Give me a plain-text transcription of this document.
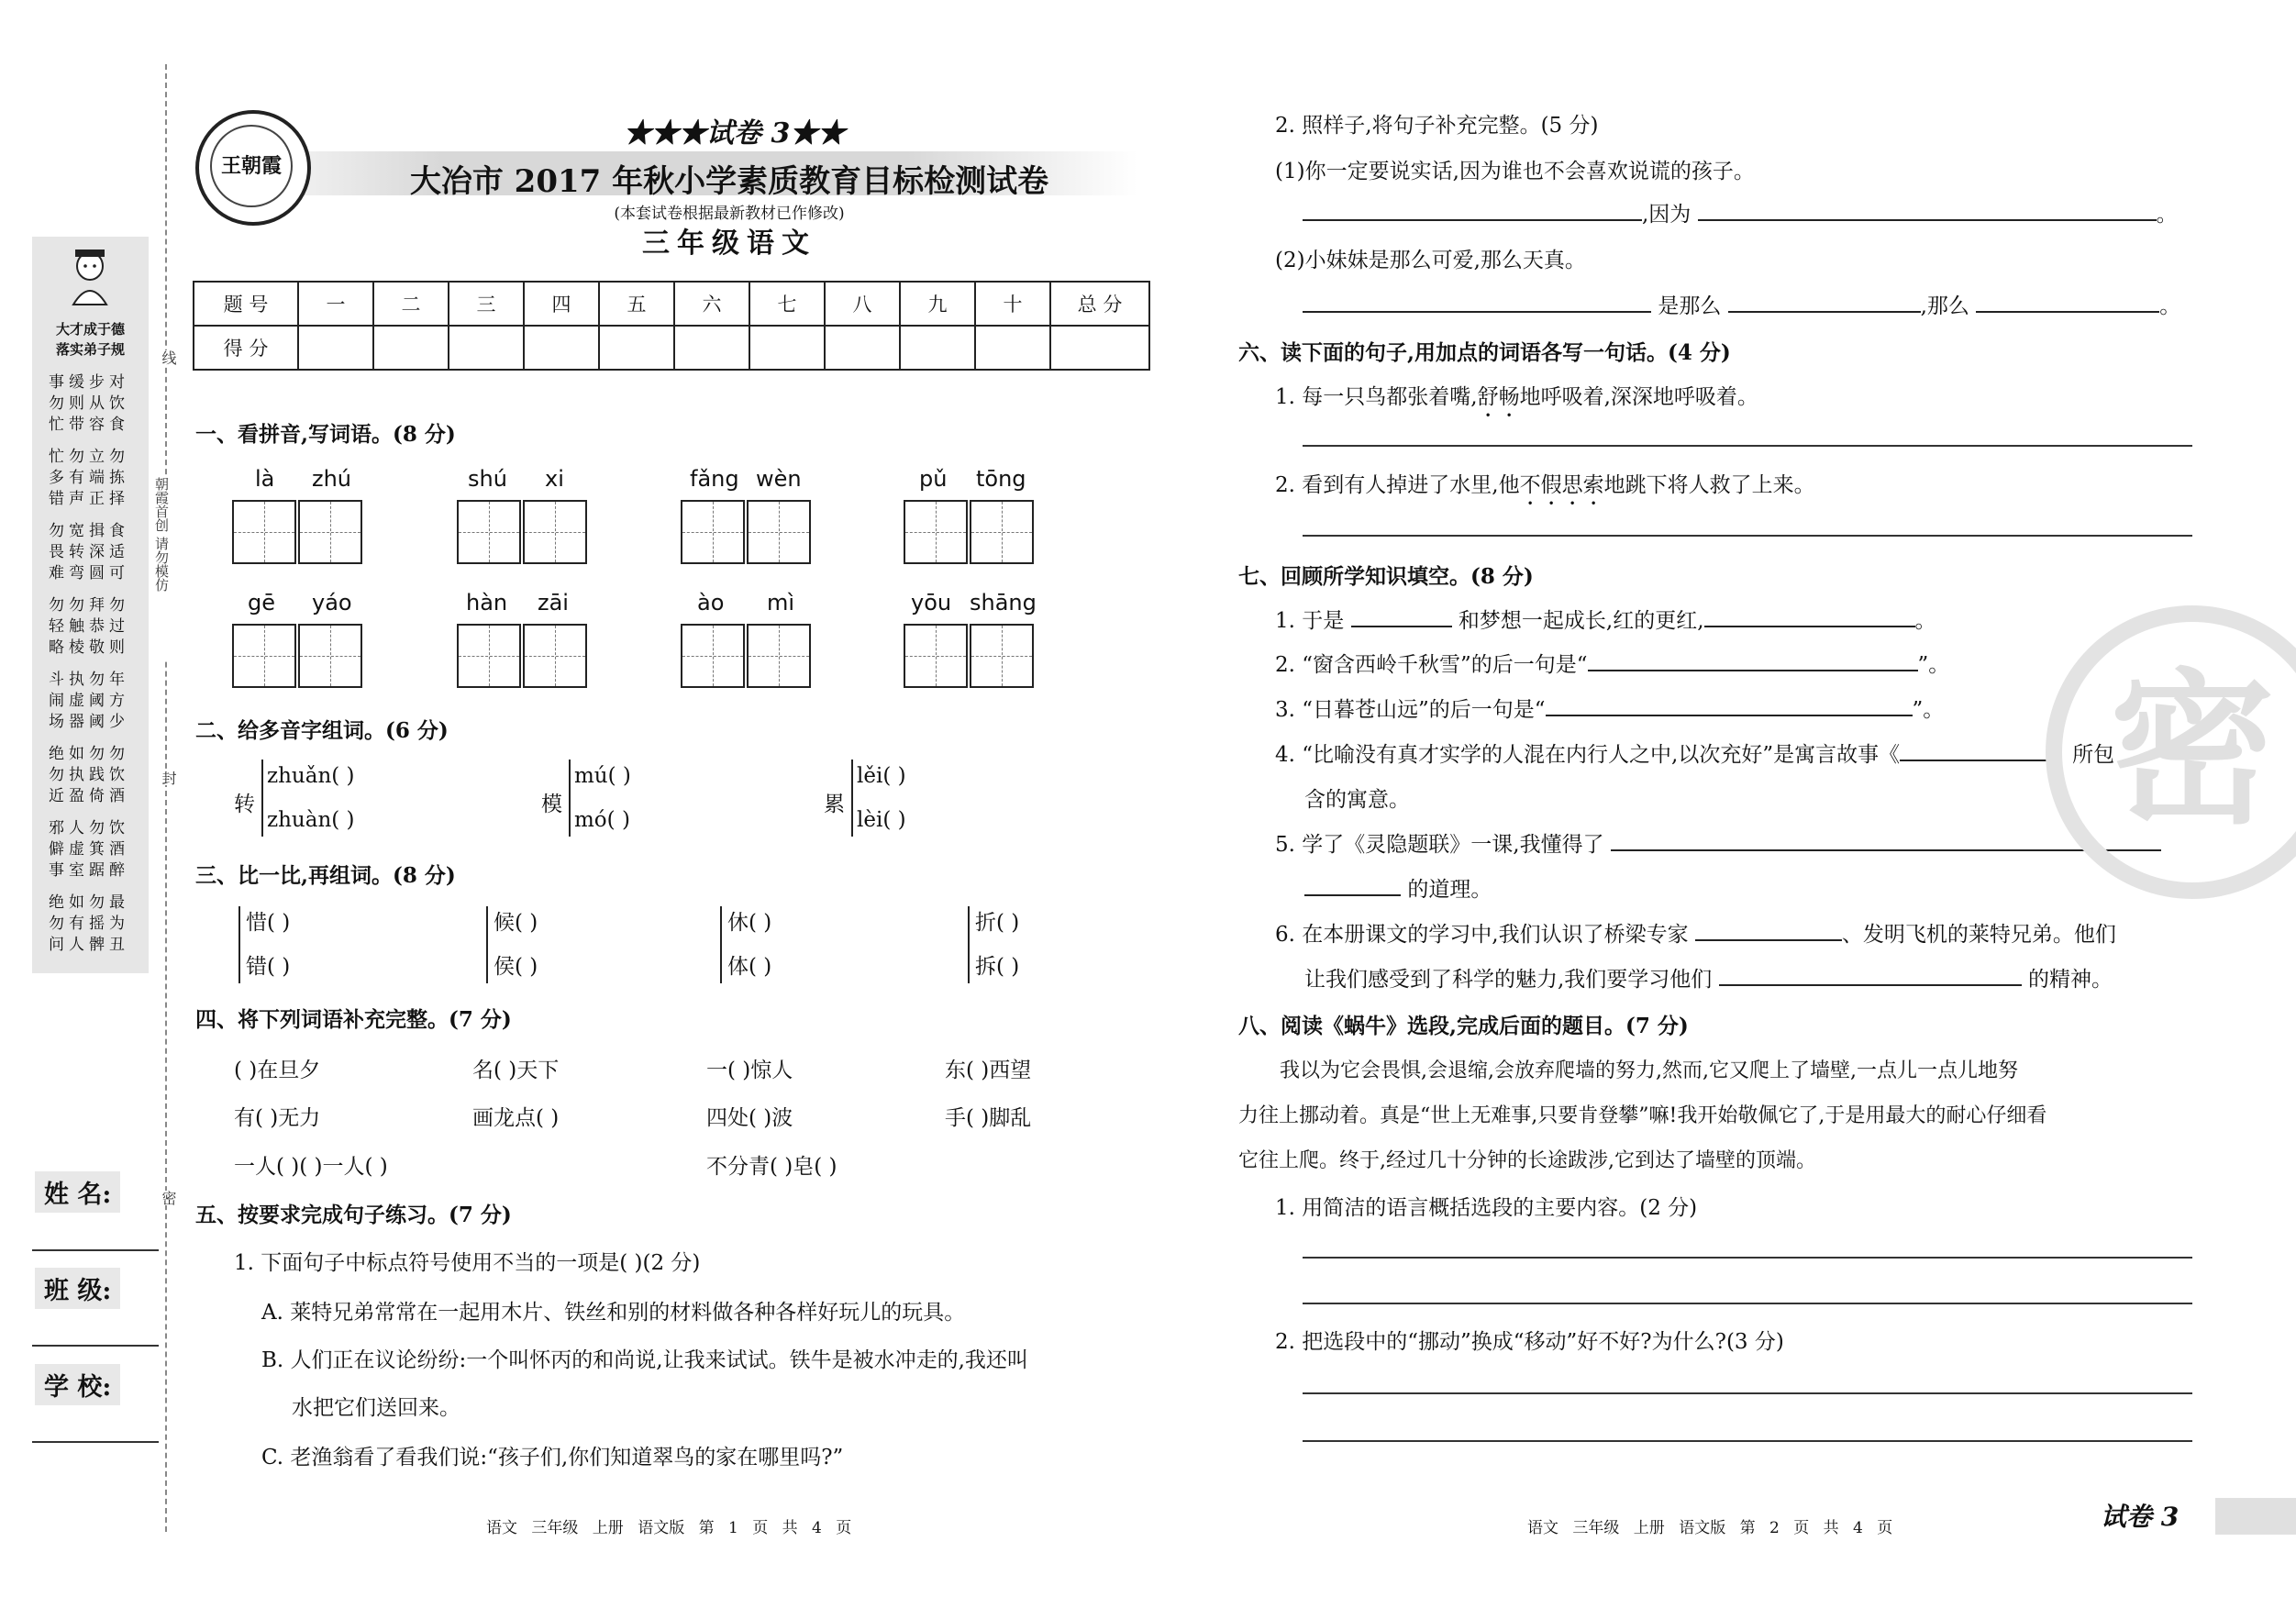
大才成于德
落实弟子规
事缓步对
勿则从饮
忙带容食
忙勿立勿
多有端拣
错声正择
勿宽揖食
畏转深适
难弯圆可
勿勿拜勿
轻触恭过
略棱敬则
斗执勿年
闹虚阈方
场器阈少
绝如勿勿
勿执践饮
近盈倚酒
邪人勿饮
僻虚箕酒
事室踞醉
绝如勿最
勿有摇为
问人髀丑
线
封
密
朝霞首创 请勿模仿
姓 名:
班 级:
学 校:
王朝霞
★★★试卷 3★★
大冶市 2017 年秋小学素质教育目标检测试卷
(本套试卷根据最新教材已作修改)
三年级语文
题 号	一	二	三	四	五	六	七	八	九	十	总 分
得 分											
一、看拼音,写词语。(8 分)
là zhú	shú xi	fǎng wèn	pǔ tōng
gē yáo	hàn zāi	ào mì	yōu shāng
二、给多音字组词。(6 分)
转
zhuǎn( )
zhuàn( )
模
mú( )
mó( )
累
lěi( )
lèi( )
三、比一比,再组词。(8 分)
惜( )
错( )
候( )
侯( )
休( )
体( )
折( )
拆( )
四、将下列词语补充完整。(7 分)
( )在旦夕	名( )天下	一( )惊人	东( )西望
有( )无力	画龙点( )	四处( )波	手( )脚乱
一人( )( )一人( )	不分青( )皂( )
五、按要求完成句子练习。(7 分)
1. 下面句子中标点符号使用不当的一项是( )(2 分)
A. 莱特兄弟常常在一起用木片、铁丝和别的材料做各种各样好玩儿的玩具。
B. 人们正在议论纷纷:一个叫怀丙的和尚说,让我来试试。铁牛是被水冲走的,我还叫
水把它们送回来。
C. 老渔翁看了看我们说:“孩子们,你们知道翠鸟的家在哪里吗?”
语文 三年级 上册 语文版 第 1 页 共 4 页
2. 照样子,将句子补充完整。(5 分)
(1)你一定要说实话,因为谁也不会喜欢说谎的孩子。
,因为	。
(2)小妹妹是那么可爱,那么天真。
是那么	,那么	。
六、读下面的句子,用加点的词语各写一句话。(4 分)
1. 每一只鸟都张着嘴,舒畅地呼吸着,深深地呼吸着。
2. 看到有人掉进了水里,他不假思索地跳下将人救了上来。
七、回顾所学知识填空。(8 分)
1. 于是	和梦想一起成长,红的更红,	。
2. “窗含西岭千秋雪”的后一句是“	”。
3. “日暮苍山远”的后一句是“	”。
4. “比喻没有真才实学的人混在内行人之中,以次充好”是寓言故事《	》所包
含的寓意。
5. 学了《灵隐题联》一课,我懂得了
的道理。
6. 在本册课文的学习中,我们认识了桥梁专家	、发明飞机的莱特兄弟。他们
让我们感受到了科学的魅力,我们要学习他们	的精神。
八、阅读《蜗牛》选段,完成后面的题目。(7 分)
我以为它会畏惧,会退缩,会放弃爬墙的努力,然而,它又爬上了墙壁,一点儿一点儿地努
力往上挪动着。真是“世上无难事,只要肯登攀”嘛!我开始敬佩它了,于是用最大的耐心仔细看
它往上爬。终于,经过几十分钟的长途跋涉,它到达了墙壁的顶端。
1. 用简洁的语言概括选段的主要内容。(2 分)
2. 把选段中的“挪动”换成“移动”好不好?为什么?(3 分)
语文 三年级 上册 语文版 第 2 页 共 4 页
密
试卷 3
